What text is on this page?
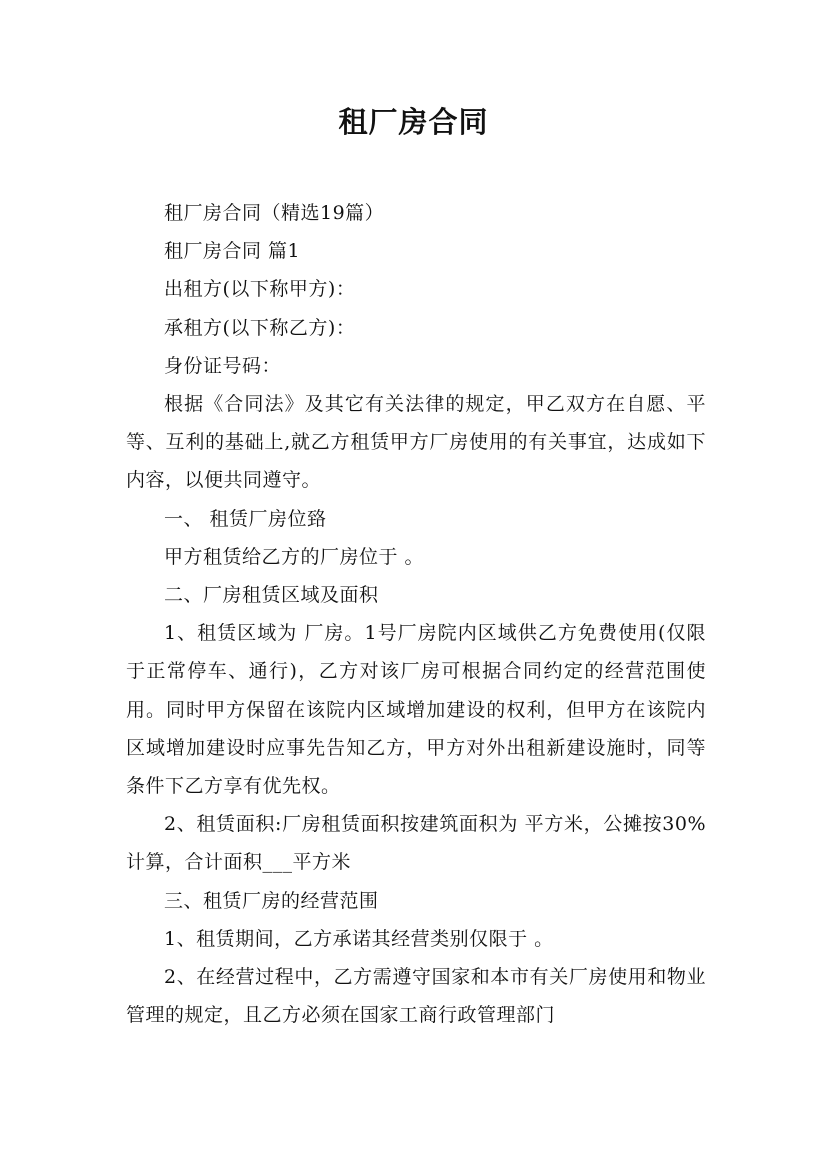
租厂房合同

租厂房合同（精选19篇）

租厂房合同 篇1

出租方(以下称甲方)：

承租方(以下称乙方)：

身份证号码：

根据《合同法》及其它有关法律的规定，甲乙双方在自愿、平等、互利的基础上,就乙方租赁甲方厂房使用的有关事宜，达成如下内容，以便共同遵守。

一、 租赁厂房位臵

甲方租赁给乙方的厂房位于 。

二、厂房租赁区域及面积

1、租赁区域为 厂房。1号厂房院内区域供乙方免费使用(仅限于正常停车、通行)，乙方对该厂房可根据合同约定的经营范围使用。同时甲方保留在该院内区域增加建设的权利，但甲方在该院内区域增加建设时应事先告知乙方，甲方对外出租新建设施时，同等条件下乙方享有优先权。

2、租赁面积:厂房租赁面积按建筑面积为 平方米，公摊按30%计算，合计面积___平方米

三、租赁厂房的经营范围

1、租赁期间，乙方承诺其经营类别仅限于 。

2、在经营过程中，乙方需遵守国家和本市有关厂房使用和物业管理的规定，且乙方必须在国家工商行政管理部门
